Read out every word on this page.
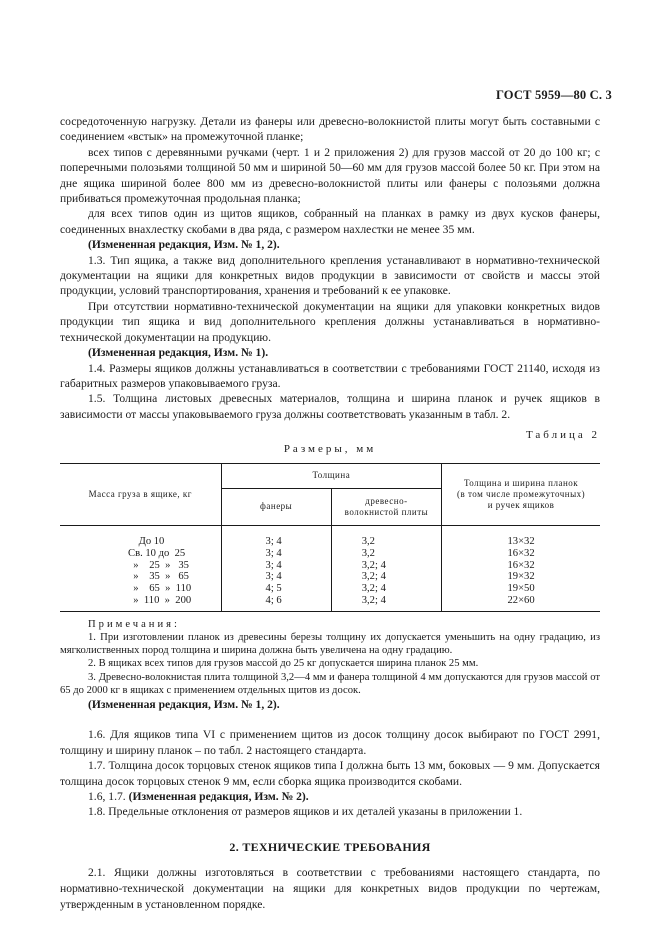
ГОСТ 5959—80 С. 3

сосредоточенную нагрузку. Детали из фанеры или древесно-волокнистой плиты могут быть составными с соединением «встык» на промежуточной планке;

всех типов с деревянными ручками (черт. 1 и 2 приложения 2) для грузов массой от 20 до 100 кг; с поперечными полозьями толщиной 50 мм и шириной 50—60 мм для грузов массой более 50 кг. При этом на дне ящика шириной более 800 мм из древесно-волокнистой плиты или фанеры с полозьями должна прибиваться промежуточная продольная планка;

для всех типов один из щитов ящиков, собранный на планках в рамку из двух кусков фанеры, соединенных внахлестку скобами в два ряда, с размером нахлестки не менее 35 мм.

(Измененная редакция, Изм. № 1, 2).

1.3. Тип ящика, а также вид дополнительного крепления устанавливают в нормативно-технической документации на ящики для конкретных видов продукции в зависимости от свойств и массы этой продукции, условий транспортирования, хранения и требований к ее упаковке.

При отсутствии нормативно-технической документации на ящики для упаковки конкретных видов продукции тип ящика и вид дополнительного крепления должны устанавливаться в нормативно-технической документации на продукцию.

(Измененная редакция, Изм. № 1).

1.4. Размеры ящиков должны устанавливаться в соответствии с требованиями ГОСТ 21140, исходя из габаритных размеров упаковываемого груза.

1.5. Толщина листовых древесных материалов, толщина и ширина планок и ручек ящиков в зависимости от массы упаковываемого груза должны соответствовать указанным в табл. 2.

Таблица 2
Размеры, мм
Масса груза в ящике, кг	Толщина		Толщина и ширина планок
(в том числе промежуточных)
и ручек ящиков
	фанеры	древесно-
волокнистой плиты	

До 10	3; 4	3,2	13×32
Св. 10 до  25	3; 4	3,2	16×32
»    25  »   35	3; 4	3,2; 4	16×32
»    35  »   65	3; 4	3,2; 4	19×32
»    65  »  110	4; 5	3,2; 4	19×50
»  110  »  200	4; 6	3,2; 4	22×60

Примечания:

1. При изготовлении планок из древесины березы толщину их допускается уменьшить на одну градацию, из мягколиственных пород толщина и ширина должна быть увеличена на одну градацию.

2. В ящиках всех типов для грузов массой до 25 кг допускается ширина планок 25 мм.

3. Древесно-волокнистая плита толщиной 3,2—4 мм и фанера толщиной 4 мм допускаются для грузов массой от 65 до 2000 кг в ящиках с применением отдельных щитов из досок.

(Измененная редакция, Изм. № 1, 2).

1.6. Для ящиков типа VI с применением щитов из досок толщину досок выбирают по ГОСТ 2991, толщину и ширину планок – по табл. 2 настоящего стандарта.

1.7. Толщина досок торцовых стенок ящиков типа I должна быть 13 мм, боковых — 9 мм. Допускается толщина досок торцовых стенок 9 мм, если сборка ящика производится скобами.

1.6, 1.7. (Измененная редакция, Изм. № 2).

1.8. Предельные отклонения от размеров ящиков и их деталей указаны в приложении 1.

2. ТЕХНИЧЕСКИЕ ТРЕБОВАНИЯ

2.1. Ящики должны изготовляться в соответствии с требованиями настоящего стандарта, по нормативно-технической документации на ящики для конкретных видов продукции по чертежам, утвержденным в установленном порядке.
